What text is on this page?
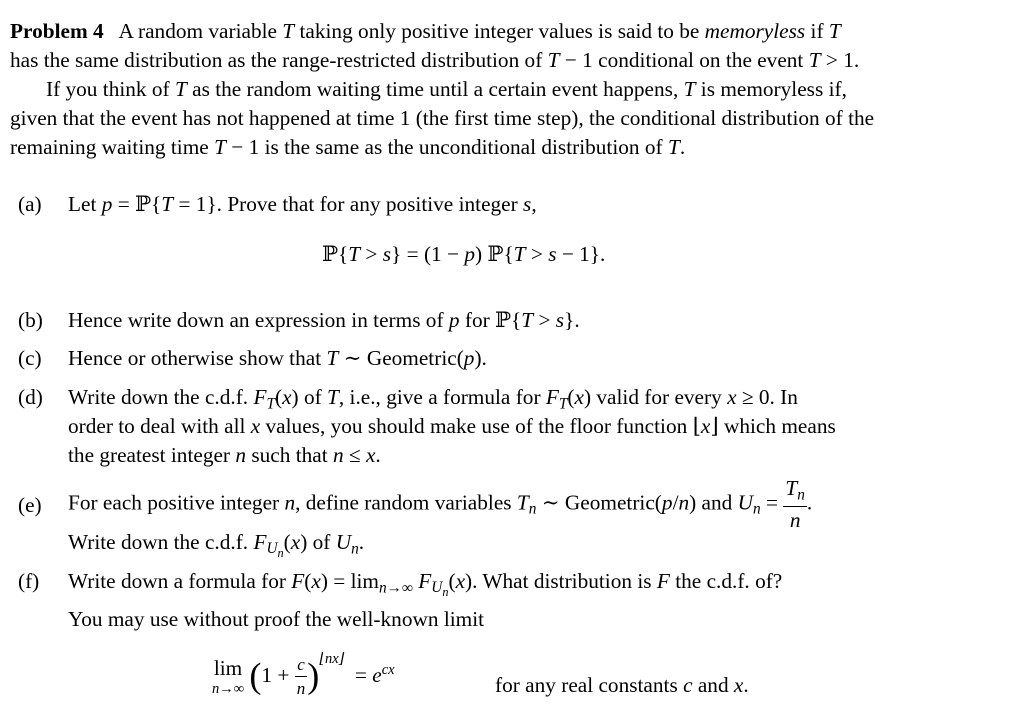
Problem 4 A random variable T taking only positive integer values is said to be memoryless if T
has the same distribution as the range-restricted distribution of T − 1 conditional on the event T > 1.
If you think of T as the random waiting time until a certain event happens, T is memoryless if,
given that the event has not happened at time 1 (the first time step), the conditional distribution of the
remaining waiting time T − 1 is the same as the unconditional distribution of T.
(a) Let p = ℙ{T = 1}. Prove that for any positive integer s,
ℙ{T > s} = (1 − p) ℙ{T > s − 1}.
(b) Hence write down an expression in terms of p for ℙ{T > s}.
(c) Hence or otherwise show that T ∼ Geometric(p).
(d) Write down the c.d.f. $F_T(x)$ of T, i.e., give a formula for $F_T(x)$ valid for every x ≥ 0. In
order to deal with all x values, you should make use of the floor function ⌊x⌋ which means
the greatest integer n such that n ≤ x.
(e) For each positive integer n, define random variables $T_n$ ∼ Geometric(p/n) and $U_n = \frac{T_n}{n}$ .
Write down the c.d.f. $F_{U_n}(x)$ of $U_n$.
(f) Write down a formula for $F(x) = \lim_{n\to\infty} F_{U_n}(x)$. What distribution is F the c.d.f. of?
You may use without proof the well-known limit
lim
n→∞ $(1 + \frac{c}{n} )^{⌊nx⌋} = e^{cx}$
for any real constants c and x.
